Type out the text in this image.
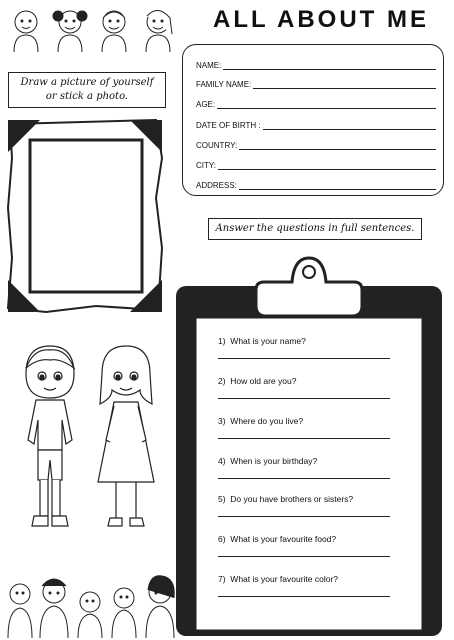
ALL ABOUT ME
Draw a picture of yourself
or stick a photo.
NAME:
FAMILY NAME:
AGE:
DATE OF BIRTH :
COUNTRY:
CITY:
ADDRESS:
Answer the questions in full sentences.
1) What is your name?
2) How old are you?
3) Where do you live?
4) When is your birthday?
5) Do you have brothers or sisters?
6) What is your favourite food?
7) What is your favourite color?
